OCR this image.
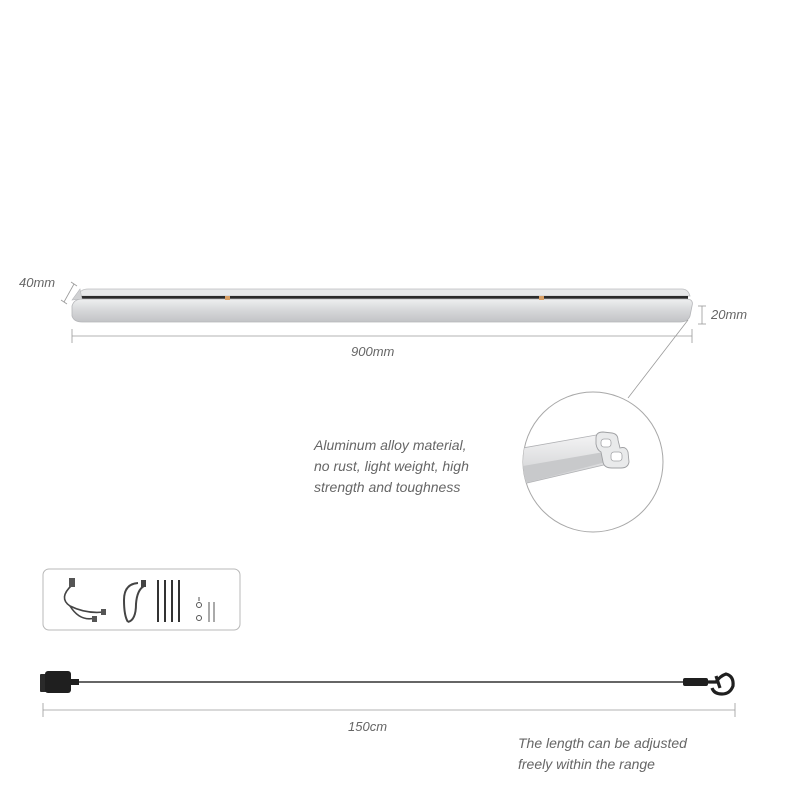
40mm
900mm
20mm
150cm
Aluminum alloy material,
no rust, light weight, high
strength and toughness
The length can be adjusted
freely within the range
